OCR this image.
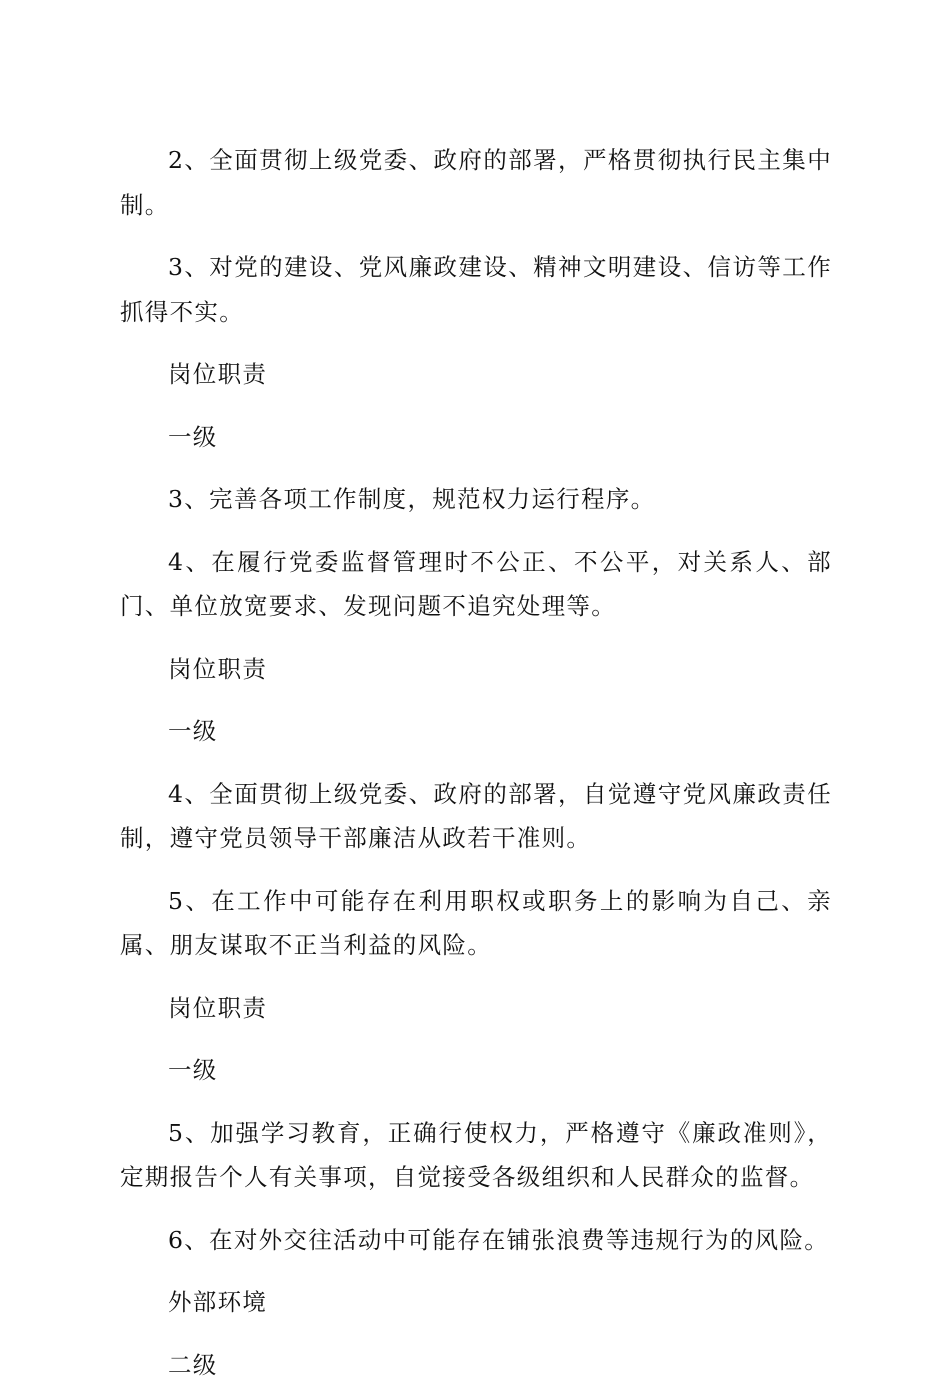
2、全面贯彻上级党委、政府的部署，严格贯彻执行民主集中制。

3、对党的建设、党风廉政建设、精神文明建设、信访等工作抓得不实。

岗位职责

一级

3、完善各项工作制度，规范权力运行程序。

4、在履行党委监督管理时不公正、不公平，对关系人、部门、单位放宽要求、发现问题不追究处理等。

岗位职责

一级

4、全面贯彻上级党委、政府的部署，自觉遵守党风廉政责任制，遵守党员领导干部廉洁从政若干准则。

5、在工作中可能存在利用职权或职务上的影响为自己、亲属、朋友谋取不正当利益的风险。

岗位职责

一级

5、加强学习教育，正确行使权力，严格遵守《廉政准则》，定期报告个人有关事项，自觉接受各级组织和人民群众的监督。

6、在对外交往活动中可能存在铺张浪费等违规行为的风险。

外部环境

二级
